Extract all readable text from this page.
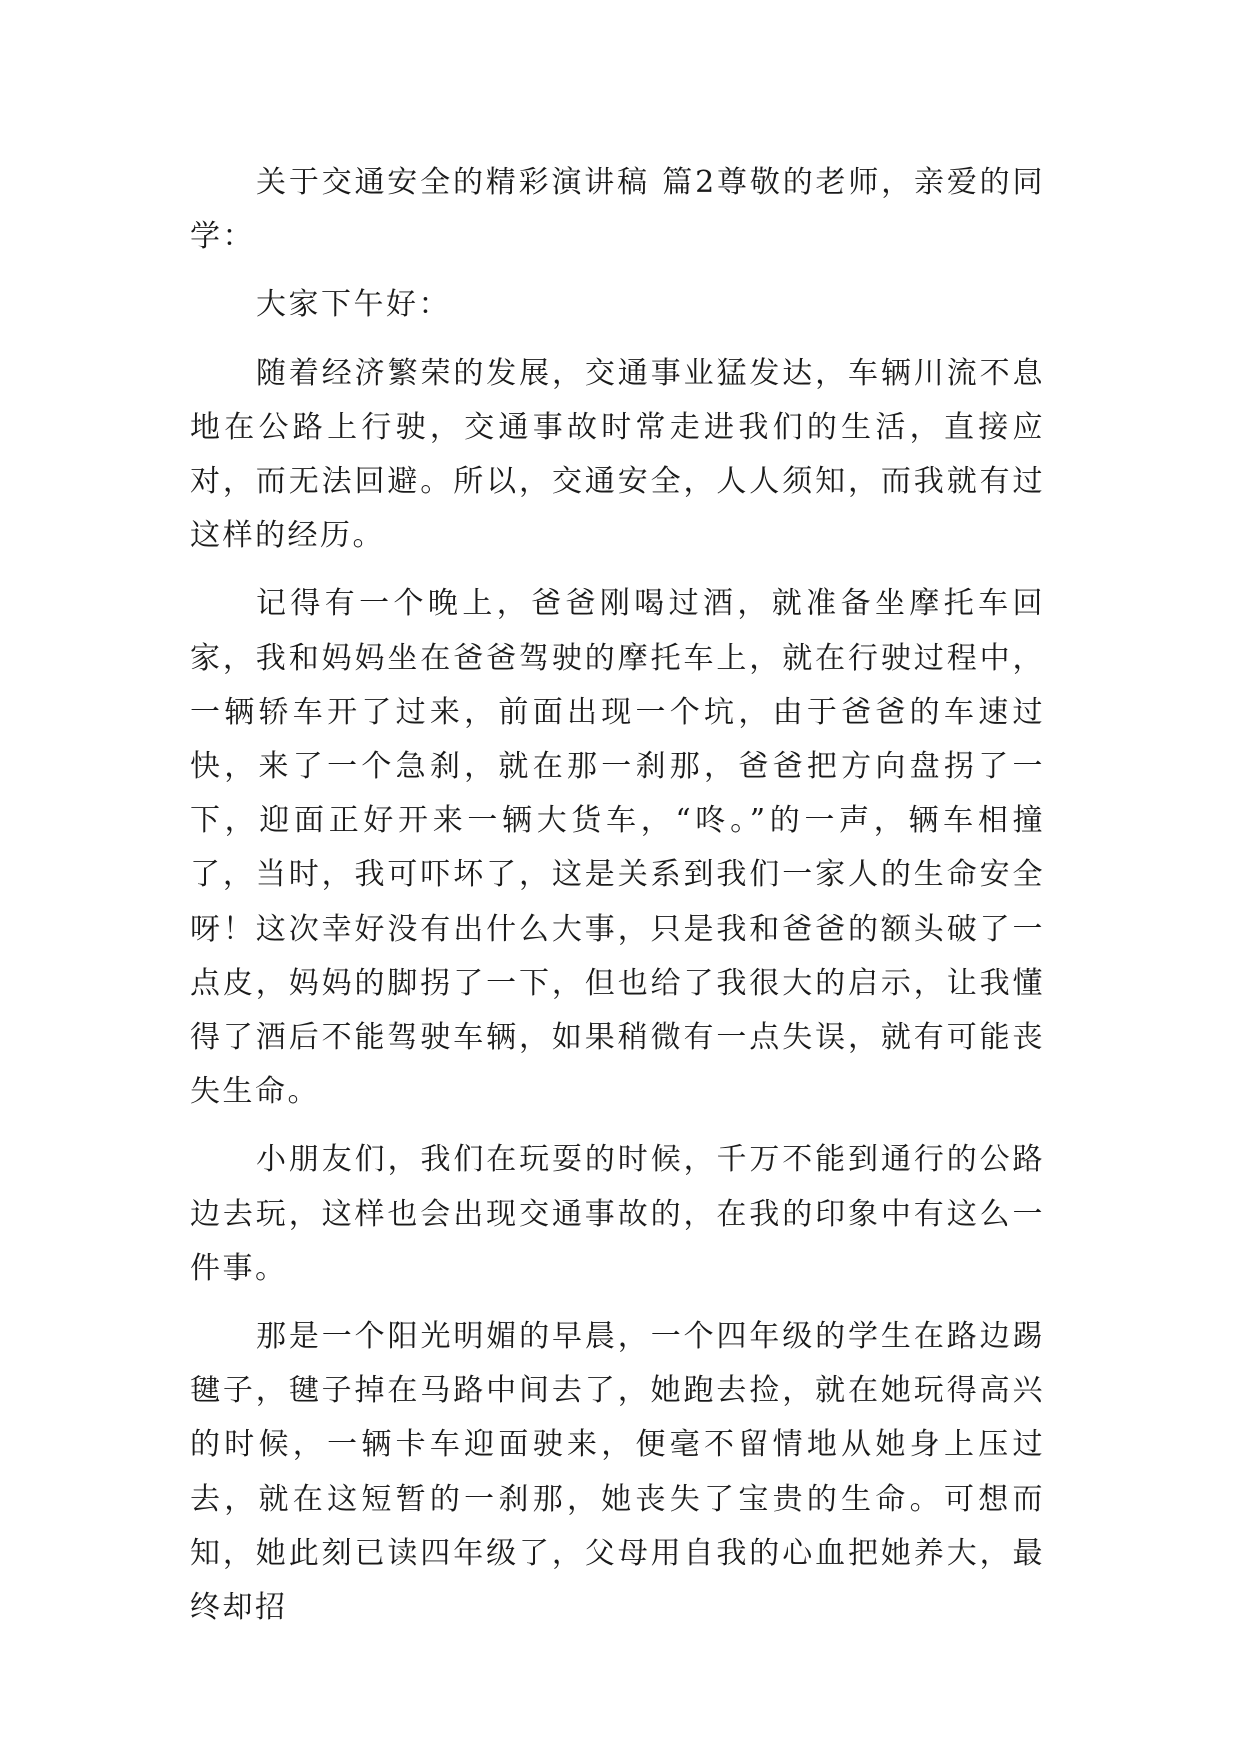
关于交通安全的精彩演讲稿 篇2尊敬的老师，亲爱的同学：

大家下午好：

随着经济繁荣的发展，交通事业猛发达，车辆川流不息地在公路上行驶，交通事故时常走进我们的生活，直接应对，而无法回避。所以，交通安全，人人须知，而我就有过这样的经历。

记得有一个晚上，爸爸刚喝过酒，就准备坐摩托车回家，我和妈妈坐在爸爸驾驶的摩托车上，就在行驶过程中，一辆轿车开了过来，前面出现一个坑，由于爸爸的车速过快，来了一个急刹，就在那一刹那，爸爸把方向盘拐了一下，迎面正好开来一辆大货车，“咚。”的一声，辆车相撞了，当时，我可吓坏了，这是关系到我们一家人的生命安全呀！这次幸好没有出什么大事，只是我和爸爸的额头破了一点皮，妈妈的脚拐了一下，但也给了我很大的启示，让我懂得了酒后不能驾驶车辆，如果稍微有一点失误，就有可能丧失生命。

小朋友们，我们在玩耍的时候，千万不能到通行的公路边去玩，这样也会出现交通事故的，在我的印象中有这么一件事。

那是一个阳光明媚的早晨，一个四年级的学生在路边踢毽子，毽子掉在马路中间去了，她跑去捡，就在她玩得高兴的时候，一辆卡车迎面驶来，便毫不留情地从她身上压过去，就在这短暂的一刹那，她丧失了宝贵的生命。可想而知，她此刻已读四年级了，父母用自我的心血把她养大，最终却招
